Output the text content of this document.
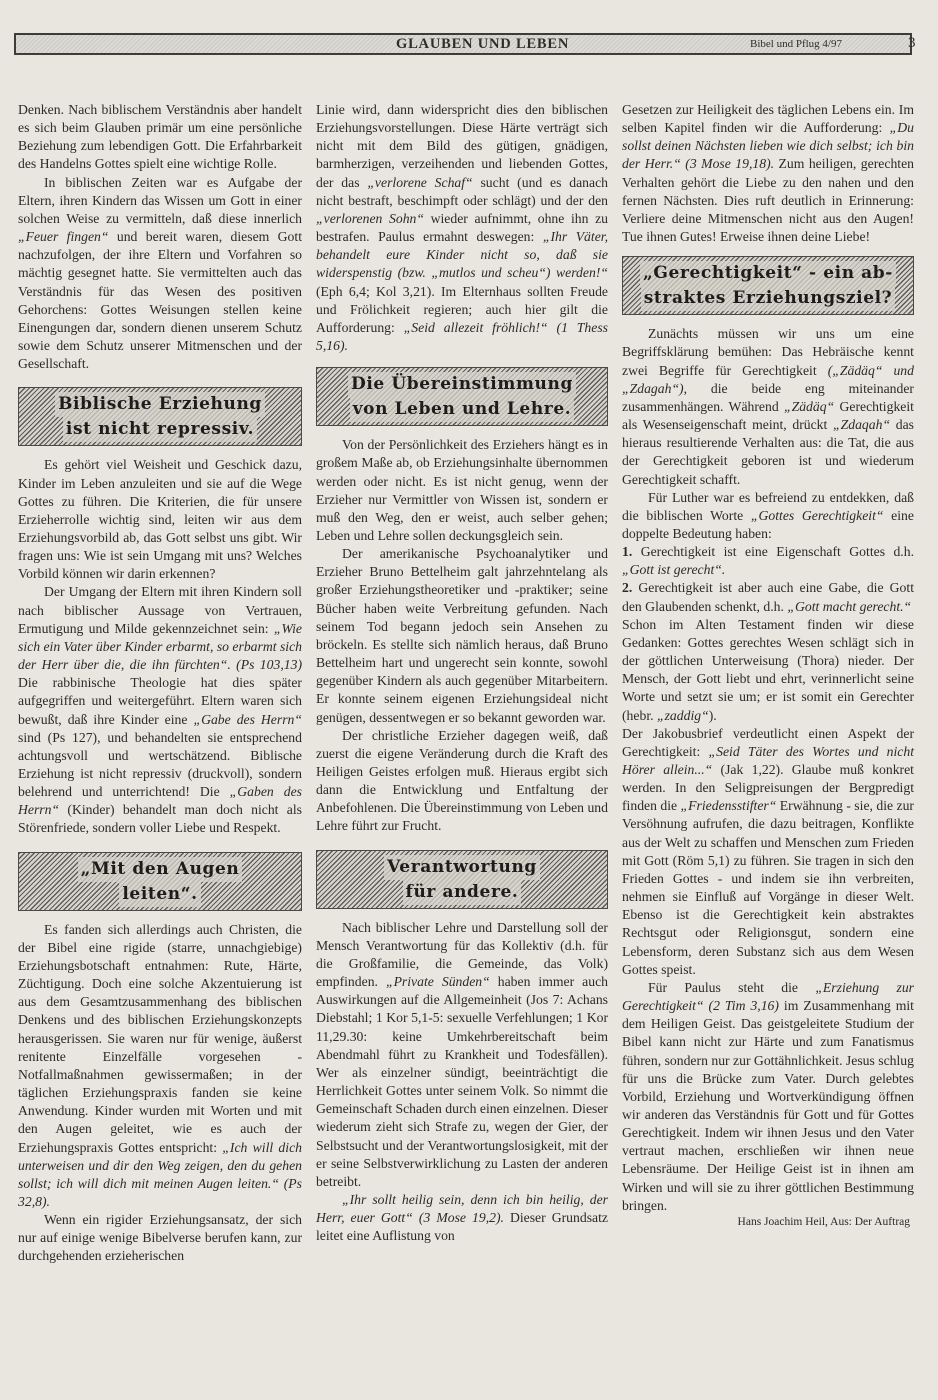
GLAUBEN UND LEBEN	Bibel und Pflug 4/97	3

Denken. Nach biblischem Verständnis aber handelt es sich beim Glauben primär um eine persönliche Beziehung zum lebendigen Gott. Die Erfahrbarkeit des Handelns Gottes spielt eine wichtige Rolle.

In biblischen Zeiten war es Aufgabe der Eltern, ihren Kindern das Wissen um Gott in einer solchen Weise zu vermitteln, daß diese innerlich „Feuer fingen“ und bereit waren, diesem Gott nachzufolgen, der ihre Eltern und Vorfahren so mächtig gesegnet hatte. Sie vermittelten auch das Verständnis für das Wesen des positiven Gehorchens: Gottes Weisungen stellen keine Einengungen dar, sondern dienen unserem Schutz sowie dem Schutz unserer Mitmenschen und der Gesellschaft.

Biblische Erziehung
ist nicht repressiv.

Es gehört viel Weisheit und Geschick dazu, Kinder im Leben anzuleiten und sie auf die Wege Gottes zu führen. Die Kriterien, die für unsere Erzieherrolle wichtig sind, leiten wir aus dem Erziehungsvorbild ab, das Gott selbst uns gibt. Wir fragen uns: Wie ist sein Umgang mit uns? Welches Vorbild können wir darin erkennen?

Der Umgang der Eltern mit ihren Kindern soll nach biblischer Aussage von Vertrauen, Ermutigung und Milde gekennzeichnet sein: „Wie sich ein Vater über Kinder erbarmt, so erbarmt sich der Herr über die, die ihn fürchten“. (Ps 103,13) Die rabbinische Theologie hat dies später aufgegriffen und weitergeführt. Eltern waren sich bewußt, daß ihre Kinder eine „Gabe des Herrn“ sind (Ps 127), und behandelten sie entsprechend achtungsvoll und wertschätzend. Biblische Erziehung ist nicht repressiv (druckvoll), sondern belehrend und unterrichtend! Die „Gaben des Herrn“ (Kinder) behandelt man doch nicht als Störenfriede, sondern voller Liebe und Respekt.

„Mit den Augen
leiten“.

Es fanden sich allerdings auch Christen, die der Bibel eine rigide (starre, unnachgiebige) Erziehungsbotschaft entnahmen: Rute, Härte, Züchtigung. Doch eine solche Akzentuierung ist aus dem Gesamtzusammenhang des biblischen Denkens und des biblischen Erziehungskonzepts herausgerissen. Sie waren nur für wenige, äußerst renitente Einzelfälle vorgesehen - Notfallmaßnahmen gewissermaßen; in der täglichen Erziehungspraxis fanden sie keine Anwendung. Kinder wurden mit Worten und mit den Augen geleitet, wie es auch der Erziehungspraxis Gottes entspricht: „Ich will dich unterweisen und dir den Weg zeigen, den du gehen sollst; ich will dich mit meinen Augen leiten.“ (Ps 32,8).

Wenn ein rigider Erziehungsansatz, der sich nur auf einige wenige Bibelverse berufen kann, zur durchgehenden erzieherischen

Linie wird, dann widerspricht dies den biblischen Erziehungsvorstellungen. Diese Härte verträgt sich nicht mit dem Bild des gütigen, gnädigen, barmherzigen, verzeihenden und liebenden Gottes, der das „verlorene Schaf“ sucht (und es danach nicht bestraft, beschimpft oder schlägt) und der den „verlorenen Sohn“ wieder aufnimmt, ohne ihn zu bestrafen. Paulus ermahnt deswegen: „Ihr Väter, behandelt eure Kinder nicht so, daß sie widerspenstig (bzw. „mutlos und scheu“) werden!“ (Eph 6,4; Kol 3,21). Im Elternhaus sollten Freude und Frölichkeit regieren; auch hier gilt die Aufforderung: „Seid allezeit fröhlich!“ (1 Thess 5,16).

Die Übereinstimmung
von Leben und Lehre.

Von der Persönlichkeit des Erziehers hängt es in großem Maße ab, ob Erziehungsinhalte übernommen werden oder nicht. Es ist nicht genug, wenn der Erzieher nur Vermittler von Wissen ist, sondern er muß den Weg, den er weist, auch selber gehen; Leben und Lehre sollen deckungsgleich sein.

Der amerikanische Psychoanalytiker und Erzieher Bruno Bettelheim galt jahrzehntelang als großer Erziehungstheoretiker und -praktiker; seine Bücher haben weite Verbreitung gefunden. Nach seinem Tod begann jedoch sein Ansehen zu bröckeln. Es stellte sich nämlich heraus, daß Bruno Bettelheim hart und ungerecht sein konnte, sowohl gegenüber Kindern als auch gegenüber Mitarbeitern. Er konnte seinem eigenen Erziehungsideal nicht genügen, dessentwegen er so bekannt geworden war.

Der christliche Erzieher dagegen weiß, daß zuerst die eigene Veränderung durch die Kraft des Heiligen Geistes erfolgen muß. Hieraus ergibt sich dann die Entwicklung und Entfaltung der Anbefohlenen. Die Übereinstimmung von Leben und Lehre führt zur Frucht.

Verantwortung
für andere.

Nach biblischer Lehre und Darstellung soll der Mensch Verantwortung für das Kollektiv (d.h. für die Großfamilie, die Gemeinde, das Volk) empfinden. „Private Sünden“ haben immer auch Auswirkungen auf die Allgemeinheit (Jos 7: Achans Diebstahl; 1 Kor 5,1-5: sexuelle Verfehlungen; 1 Kor 11,29.30: keine Umkehrbereitschaft beim Abendmahl führt zu Krankheit und Todesfällen). Wer als einzelner sündigt, beeinträchtigt die Herrlichkeit Gottes unter seinem Volk. So nimmt die Gemeinschaft Schaden durch einen einzelnen. Dieser wiederum zieht sich Strafe zu, wegen der Gier, der Selbstsucht und der Verantwortungslosigkeit, mit der er seine Selbstverwirklichung zu Lasten der anderen betreibt.

„Ihr sollt heilig sein, denn ich bin heilig, der Herr, euer Gott“ (3 Mose 19,2). Dieser Grundsatz leitet eine Auflistung von

Gesetzen zur Heiligkeit des täglichen Lebens ein. Im selben Kapitel finden wir die Aufforderung: „Du sollst deinen Nächsten lieben wie dich selbst; ich bin der Herr.“ (3 Mose 19,18). Zum heiligen, gerechten Verhalten gehört die Liebe zu den nahen und den fernen Nächsten. Dies ruft deutlich in Erinnerung: Verliere deine Mitmenschen nicht aus den Augen! Tue ihnen Gutes! Erweise ihnen deine Liebe!

„Gerechtigkeit“ - ein ab-
straktes Erziehungsziel?

Zunächts müssen wir uns um eine Begriffsklärung bemühen: Das Hebräische kennt zwei Begriffe für Gerechtigkeit („Zädäq“ und „Zdagah“), die beide eng miteinander zusammenhängen. Während „Zädäq“ Gerechtigkeit als Wesenseigenschaft meint, drückt „Zdaqah“ das hieraus resultierende Verhalten aus: die Tat, die aus der Gerechtigkeit geboren ist und wiederum Gerechtigkeit schafft.

Für Luther war es befreiend zu entdekken, daß die biblischen Worte „Gottes Gerechtigkeit“ eine doppelte Bedeutung haben:

1. Gerechtigkeit ist eine Eigenschaft Gottes d.h. „Gott ist gerecht“.

2. Gerechtigkeit ist aber auch eine Gabe, die Gott den Glaubenden schenkt, d.h. „Gott macht gerecht.“

Schon im Alten Testament finden wir diese Gedanken: Gottes gerechtes Wesen schlägt sich in der göttlichen Unterweisung (Thora) nieder. Der Mensch, der Gott liebt und ehrt, verinnerlicht seine Worte und setzt sie um; er ist somit ein Gerechter (hebr. „zaddig“).

Der Jakobusbrief verdeutlicht einen Aspekt der Gerechtigkeit: „Seid Täter des Wortes und nicht Hörer allein...“ (Jak 1,22). Glaube muß konkret werden. In den Seligpreisungen der Bergpredigt finden die „Friedensstifter“ Erwähnung - sie, die zur Versöhnung aufrufen, die dazu beitragen, Konflikte aus der Welt zu schaffen und Menschen zum Frieden mit Gott (Röm 5,1) zu führen. Sie tragen in sich den Frieden Gottes - und indem sie ihn verbreiten, nehmen sie Einfluß auf Vorgänge in dieser Welt. Ebenso ist die Gerechtigkeit kein abstraktes Rechtsgut oder Religionsgut, sondern eine Lebensform, deren Substanz sich aus dem Wesen Gottes speist.

Für Paulus steht die „Erziehung zur Gerechtigkeit“ (2 Tim 3,16) im Zusammenhang mit dem Heiligen Geist. Das geistgeleitete Studium der Bibel kann nicht zur Härte und zum Fanatismus führen, sondern nur zur Gottähnlichkeit. Jesus schlug für uns die Brücke zum Vater. Durch gelebtes Vorbild, Erziehung und Wortverkündigung öffnen wir anderen das Verständnis für Gott und für Gottes Gerechtigkeit. Indem wir ihnen Jesus und den Vater vertraut machen, erschließen wir ihnen neue Lebensräume. Der Heilige Geist ist in ihnen am Wirken und will sie zu ihrer göttlichen Bestimmung bringen.

Hans Joachim Heil, Aus: Der Auftrag
